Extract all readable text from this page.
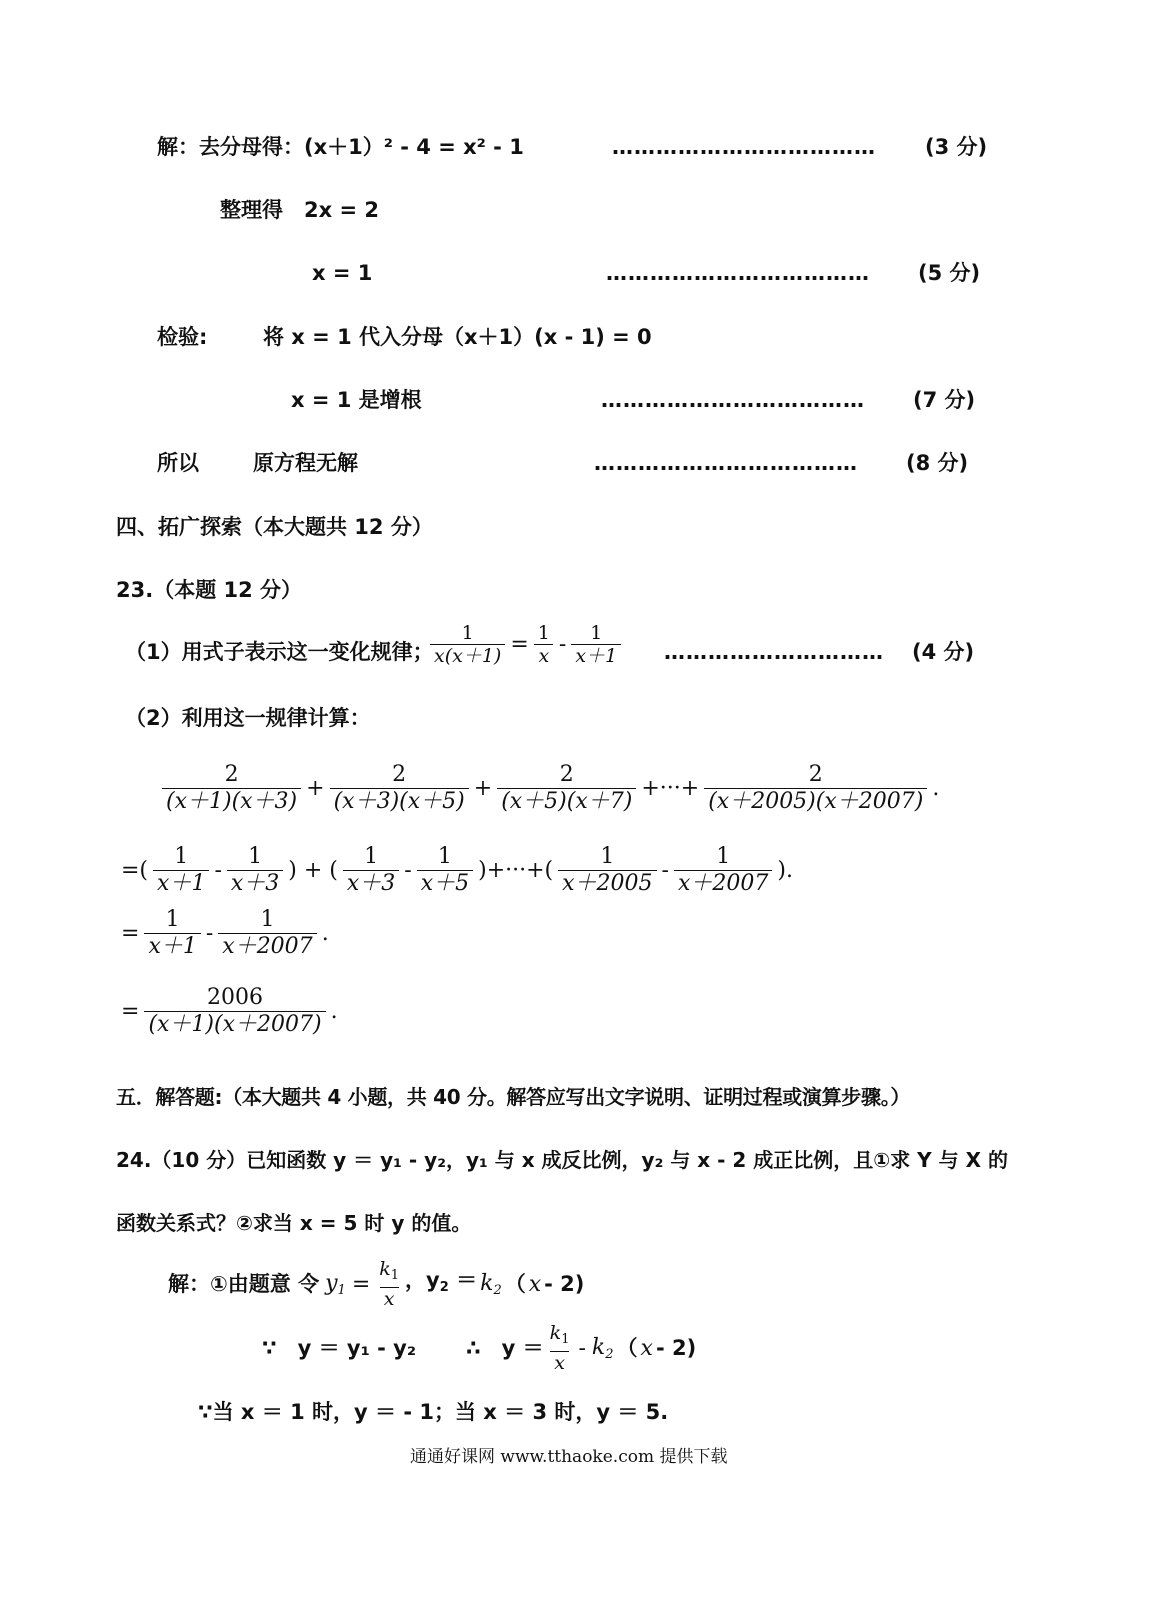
解：去分母得：(x＋1）² - 4 = x² - 1	……………………………… (3 分)
整理得　2x = 2
x = 1	……………………………… (5 分)
检验:	将 x = 1 代入分母（x＋1）(x - 1) = 0
x = 1 是增根	……………………………… (7 分)
所以	原方程无解	……………………………… (8 分)
四、拓广探索（本大题共 12 分）
23.（本题 12 分）
（1）用式子表示这一变化规律；
$\frac{1}{x(x+1)} = \frac{1}{x} - \frac{1}{x+1}$ ………………………… (4 分)
（2）利用这一规律计算：
$\frac{2}{(x+1)(x+3)} + \frac{2}{(x+3)(x+5)} + \frac{2}{(x+5)(x+7)}$ +···+ $\frac{2}{(x+2005)(x+2007)}$ .
=( $\frac{1}{x+1} - \frac{1}{x+3}$ ) + ( $\frac{1}{x+3} - \frac{1}{x+5}$ )+···+( $\frac{1}{x+2005} - \frac{1}{x+2007}$ ).
= $\frac{1}{x+1} - \frac{1}{x+2007}$ .
= $\frac{2006}{(x+1)(x+2007)}$ .
五．解答题:（本大题共 4 小题，共 40 分。解答应写出文字说明、证明过程或演算步骤。）
24.（10 分）已知函数 y ＝ y₁ - y₂，y₁ 与 x 成反比例，y₂ 与 x - 2 成正比例，且①求 Y 与 X 的
函数关系式？②求当 x = 5 时 y 的值。
解：①由题意 令 $y_1 = \frac{k_1}{x}$ ，$y_2 = k_2$ （ x - 2)
∵　y ＝ y₁ - y₂ ∴　$y = \frac{k_1}{x} - k_2$ （ x - 2)
∵当 x ＝ 1 时，y ＝ - 1；当 x ＝ 3 时，y ＝ 5.
通通好课网 www.tthaoke.com 提供下载
